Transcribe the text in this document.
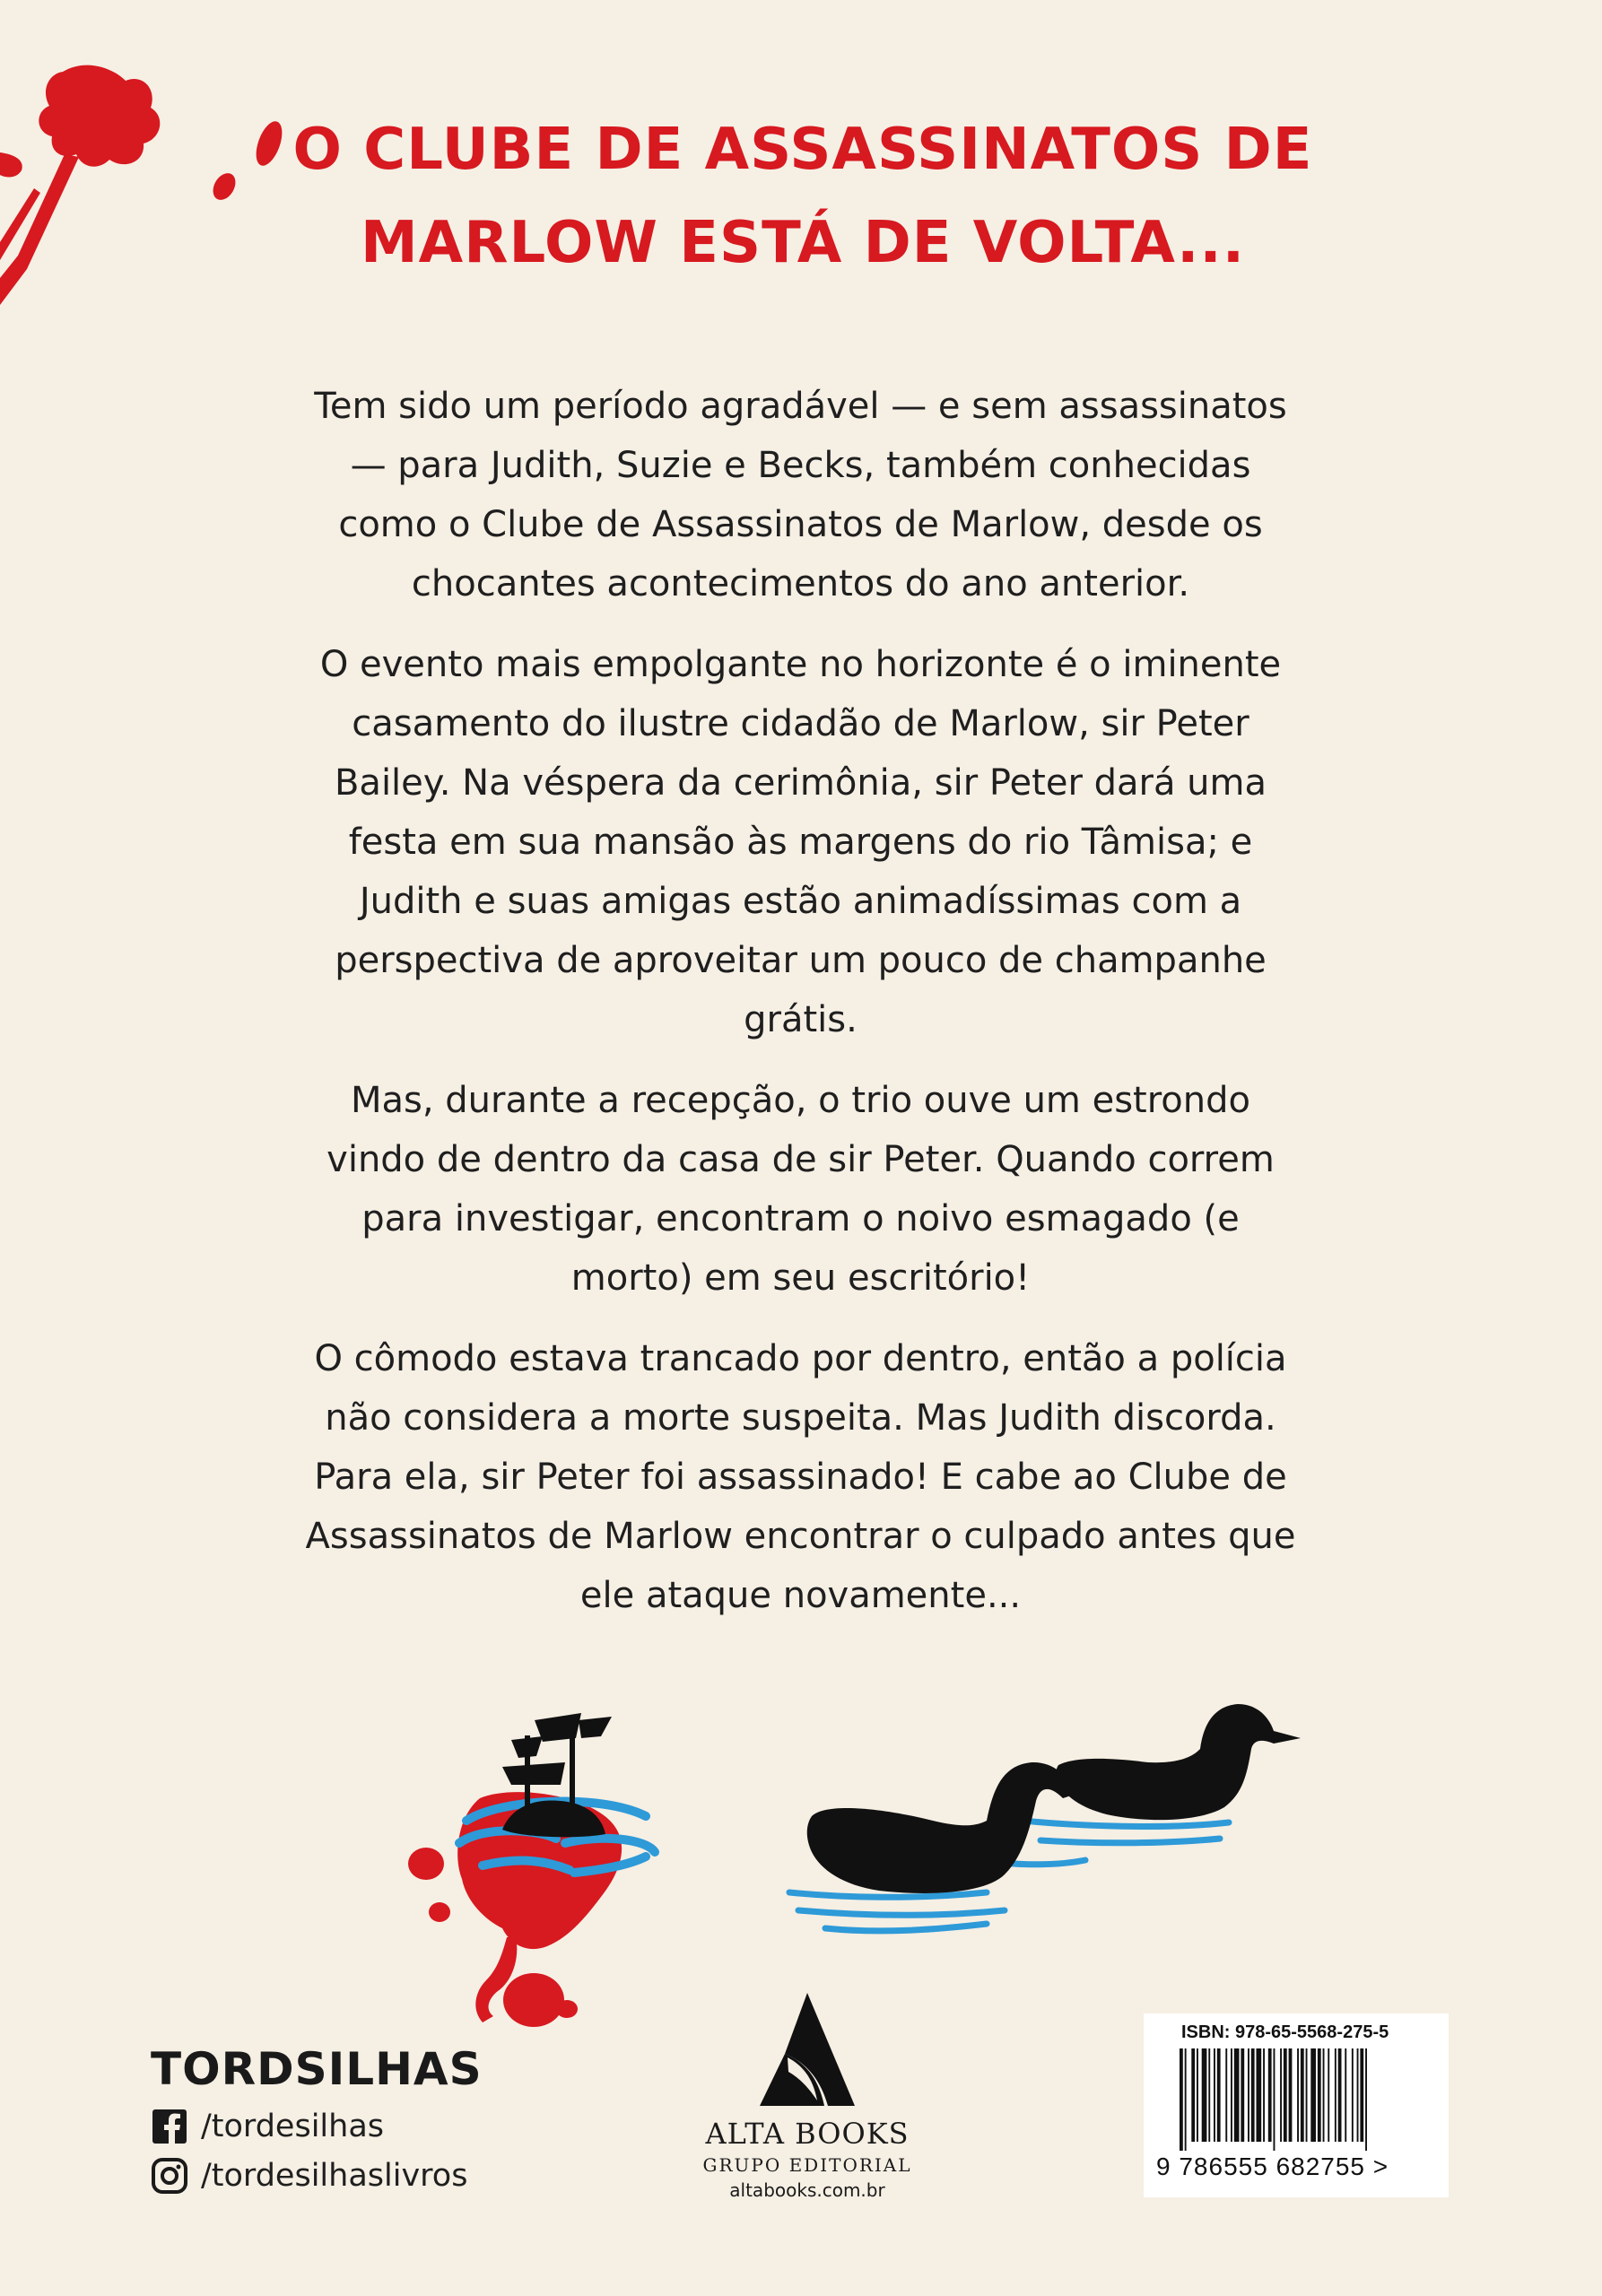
O CLUBE DE ASSASSINATOS DE
MARLOW ESTÁ DE VOLTA...

Tem sido um período agradável — e sem assassinatos — para Judith, Suzie e Becks, também conhecidas como o Clube de Assassinatos de Marlow, desde os chocantes acontecimentos do ano anterior.

O evento mais empolgante no horizonte é o iminente casamento do ilustre cidadão de Marlow, sir Peter Bailey. Na véspera da cerimônia, sir Peter dará uma festa em sua mansão às margens do rio Tâmisa; e Judith e suas amigas estão animadíssimas com a perspectiva de aproveitar um pouco de champanhe grátis.

Mas, durante a recepção, o trio ouve um estrondo vindo de dentro da casa de sir Peter. Quando correm para investigar, encontram o noivo esmagado (e morto) em seu escritório!

O cômodo estava trancado por dentro, então a polícia não considera a morte suspeita. Mas Judith discorda. Para ela, sir Peter foi assassinado! E cabe ao Clube de Assassinatos de Marlow encontrar o culpado antes que ele ataque novamente...

TORDSILHAS
/tordesilhas
/tordesilhaslivros
ALTA BOOKS
GRUPO EDITORIAL
altabooks.com.br
ISBN: 978-65-5568-275-5
9 786555 682755 >
